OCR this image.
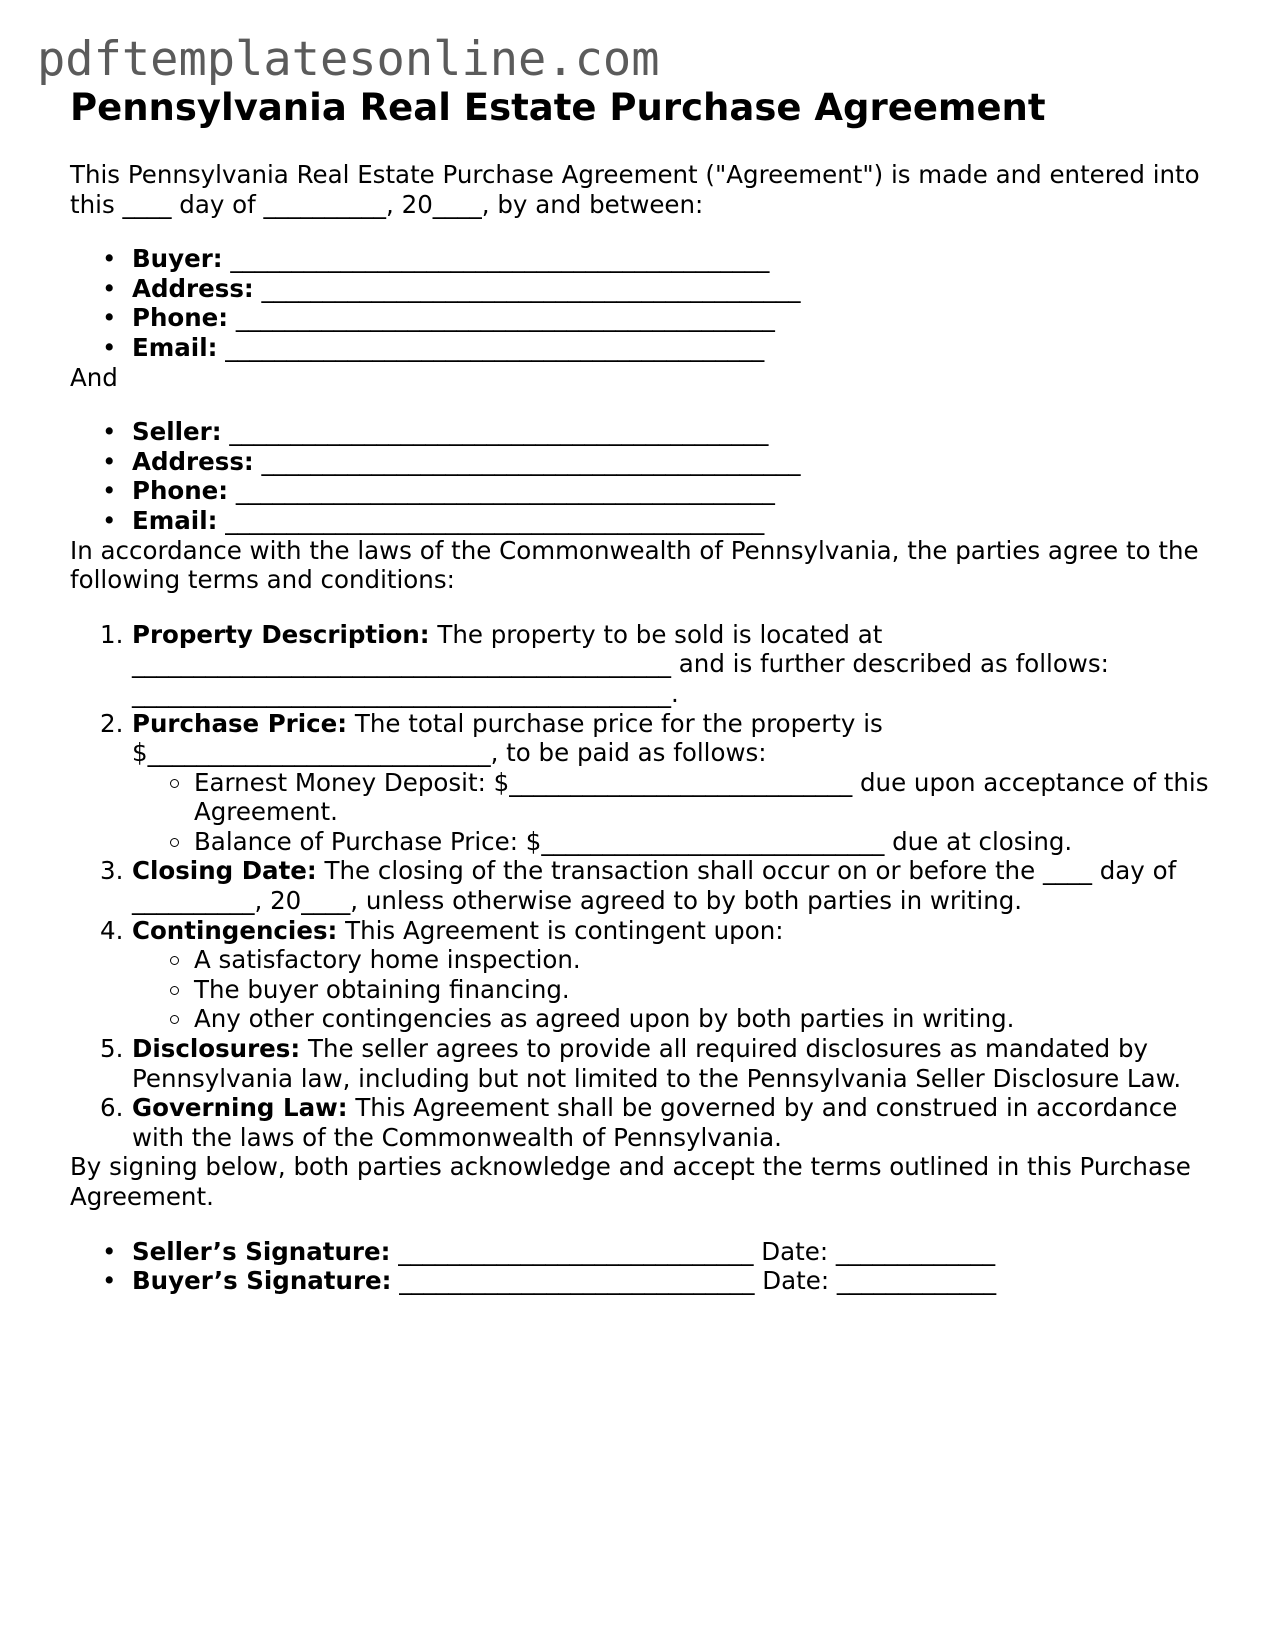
pdftemplatesonline.com
Pennsylvania Real Estate Purchase Agreement

This Pennsylvania Real Estate Purchase Agreement ("Agreement") is made and entered into this ____ day of __________, 20____, by and between:

• Buyer: ____________________________________________
• Address: ____________________________________________
• Phone: ____________________________________________
• Email: ____________________________________________

And

• Seller: ____________________________________________
• Address: ____________________________________________
• Phone: ____________________________________________
• Email: ____________________________________________

In accordance with the laws of the Commonwealth of Pennsylvania, the parties agree to the following terms and conditions:

Property Description: The property to be sold is located at
____________________________________________ and is further described as follows:
____________________________________________.
Purchase Price: The total purchase price for the property is
$____________________________, to be paid as follows:
Earnest Money Deposit: $____________________________ due upon acceptance of this Agreement.
Balance of Purchase Price: $____________________________ due at closing.
Closing Date: The closing of the transaction shall occur on or before the ____ day of __________, 20____, unless otherwise agreed to by both parties in writing.
Contingencies: This Agreement is contingent upon:
A satisfactory home inspection.
The buyer obtaining financing.
Any other contingencies as agreed upon by both parties in writing.
Disclosures: The seller agrees to provide all required disclosures as mandated by Pennsylvania law, including but not limited to the Pennsylvania Seller Disclosure Law.
Governing Law: This Agreement shall be governed by and construed in accordance with the laws of the Commonwealth of Pennsylvania.

By signing below, both parties acknowledge and accept the terms outlined in this Purchase Agreement.

• Seller’s Signature: _____________________________ Date: _____________
• Buyer’s Signature: _____________________________ Date: _____________
